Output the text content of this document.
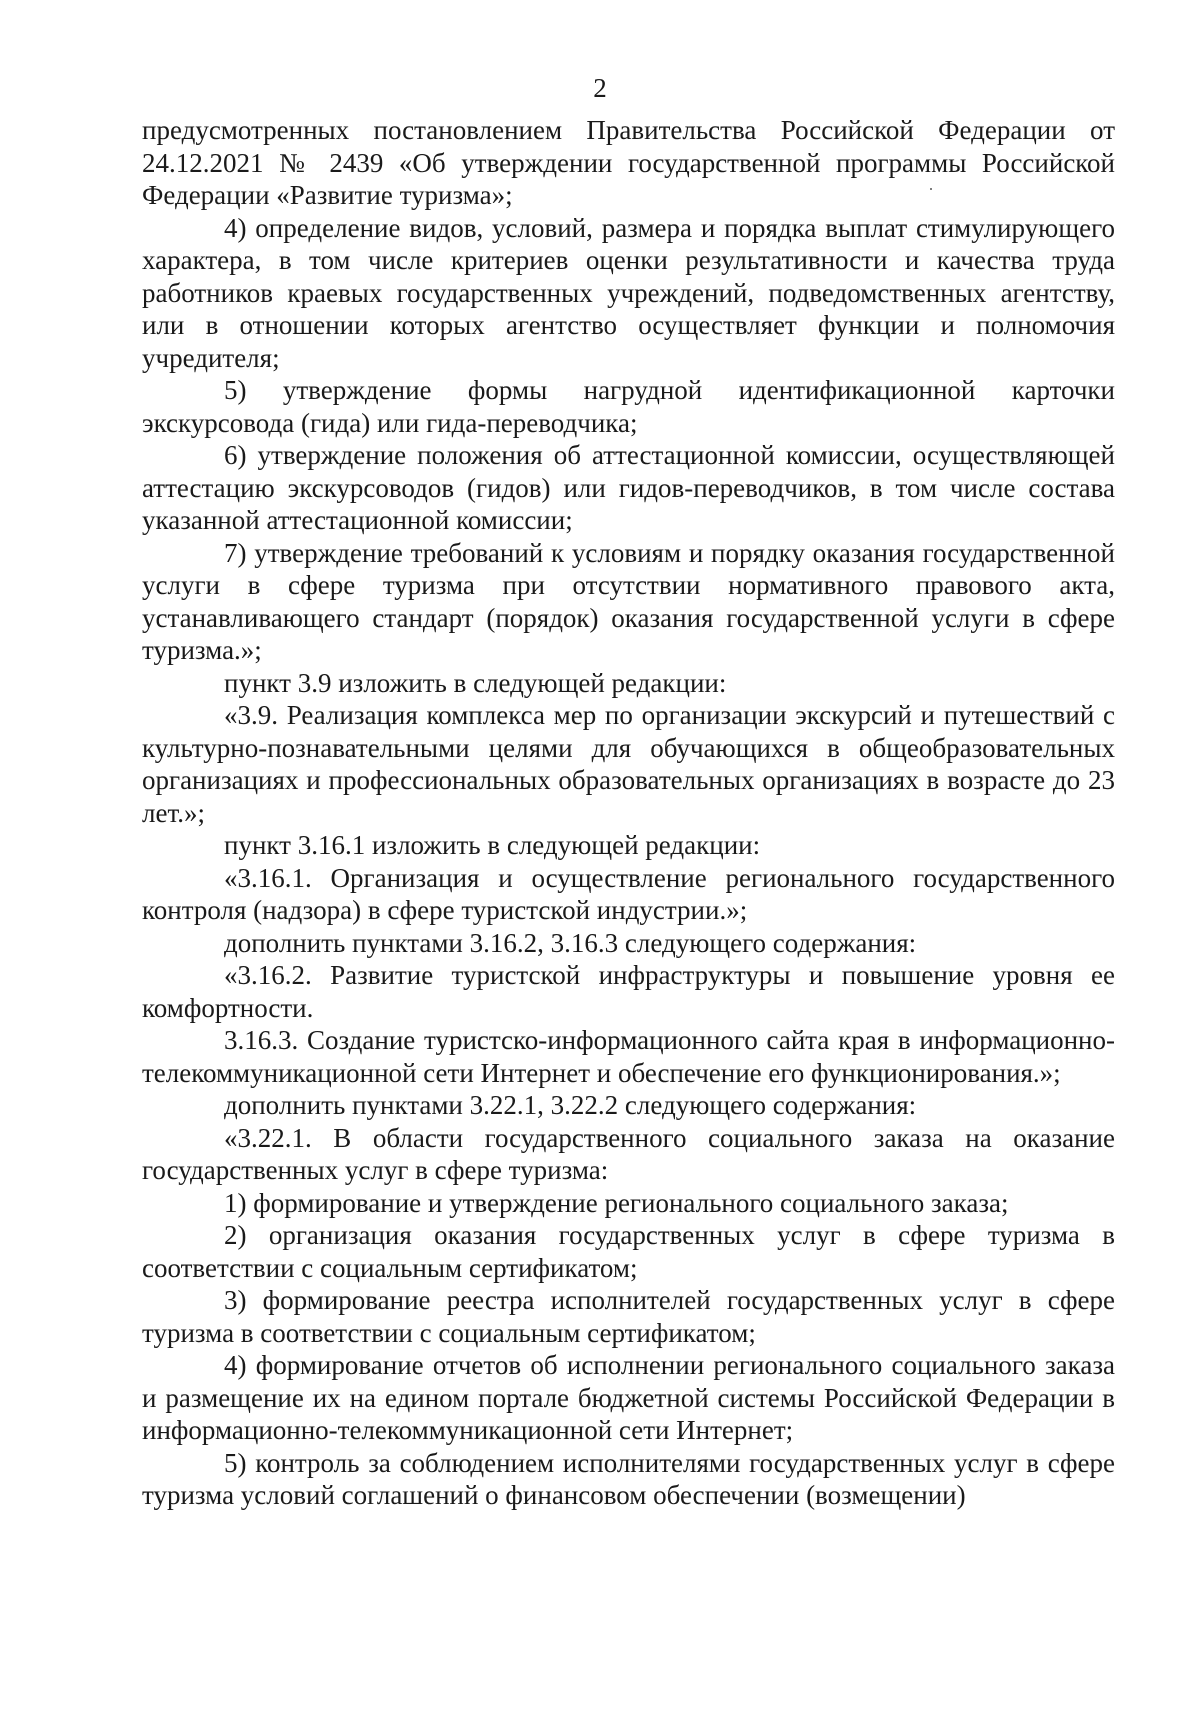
2

предусмотренных постановлением Правительства Российской Федерации от 24.12.2021 № 2439 «Об утверждении государственной программы Российской Федерации «Развитие туризма»;

4) определение видов, условий, размера и порядка выплат стимулирующего характера, в том числе критериев оценки результативности и качества труда работников краевых государственных учреждений, подведомственных агентству, или в отношении которых агентство осуществляет функции и полномочия учредителя;

5) утверждение формы нагрудной идентификационной карточки экскурсовода (гида) или гида-переводчика;

6) утверждение положения об аттестационной комиссии, осуществляющей аттестацию экскурсоводов (гидов) или гидов-переводчиков, в том числе состава указанной аттестационной комиссии;

7) утверждение требований к условиям и порядку оказания государственной услуги в сфере туризма при отсутствии нормативного правового акта, устанавливающего стандарт (порядок) оказания государственной услуги в сфере туризма.»;

пункт 3.9 изложить в следующей редакции:

«3.9. Реализация комплекса мер по организации экскурсий и путешествий с культурно-познавательными целями для обучающихся в общеобразовательных организациях и профессиональных образовательных организациях в возрасте до 23 лет.»;

пункт 3.16.1 изложить в следующей редакции:

«3.16.1. Организация и осуществление регионального государственного контроля (надзора) в сфере туристской индустрии.»;

дополнить пунктами 3.16.2, 3.16.3 следующего содержания:

«3.16.2. Развитие туристской инфраструктуры и повышение уровня ее комфортности.

3.16.3. Создание туристско-информационного сайта края в информационно-телекоммуникационной сети Интернет и обеспечение его функционирования.»;

дополнить пунктами 3.22.1, 3.22.2 следующего содержания:

«3.22.1. В области государственного социального заказа на оказание государственных услуг в сфере туризма:

1) формирование и утверждение регионального социального заказа;

2) организация оказания государственных услуг в сфере туризма в соответствии с социальным сертификатом;

3) формирование реестра исполнителей государственных услуг в сфере туризма в соответствии с социальным сертификатом;

4) формирование отчетов об исполнении регионального социального заказа и размещение их на едином портале бюджетной системы Российской Федерации в информационно-телекоммуникационной сети Интернет;

5) контроль за соблюдением исполнителями государственных услуг в сфере туризма условий соглашений о финансовом обеспечении (возмещении)
